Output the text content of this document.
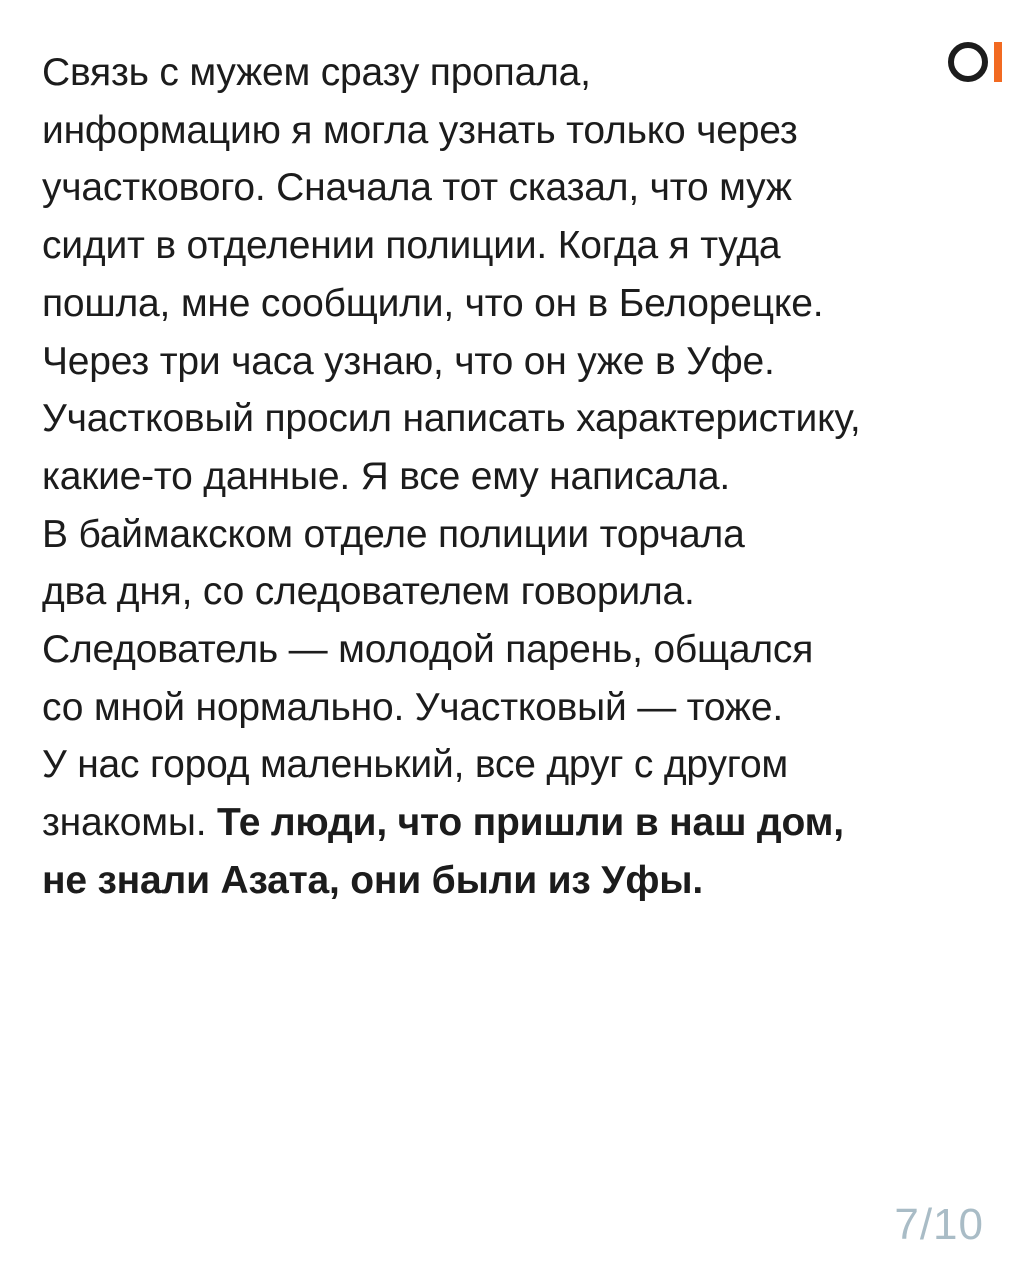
Связь с мужем сразу пропала,
информацию я могла узнать только через
участкового. Сначала тот сказал, что муж
сидит в отделении полиции. Когда я туда
пошла, мне сообщили, что он в Белорецке.
Через три часа узнаю, что он уже в Уфе.
Участковый просил написать характеристику,
какие-то данные. Я все ему написала.
В баймакском отделе полиции торчала
два дня, со следователем говорила.
Следователь — молодой парень, общался
со мной нормально. Участковый — тоже.
У нас город маленький, все друг с другом
знакомы. Те люди, что пришли в наш дом,
не знали Азата, они были из Уфы.
7/10
